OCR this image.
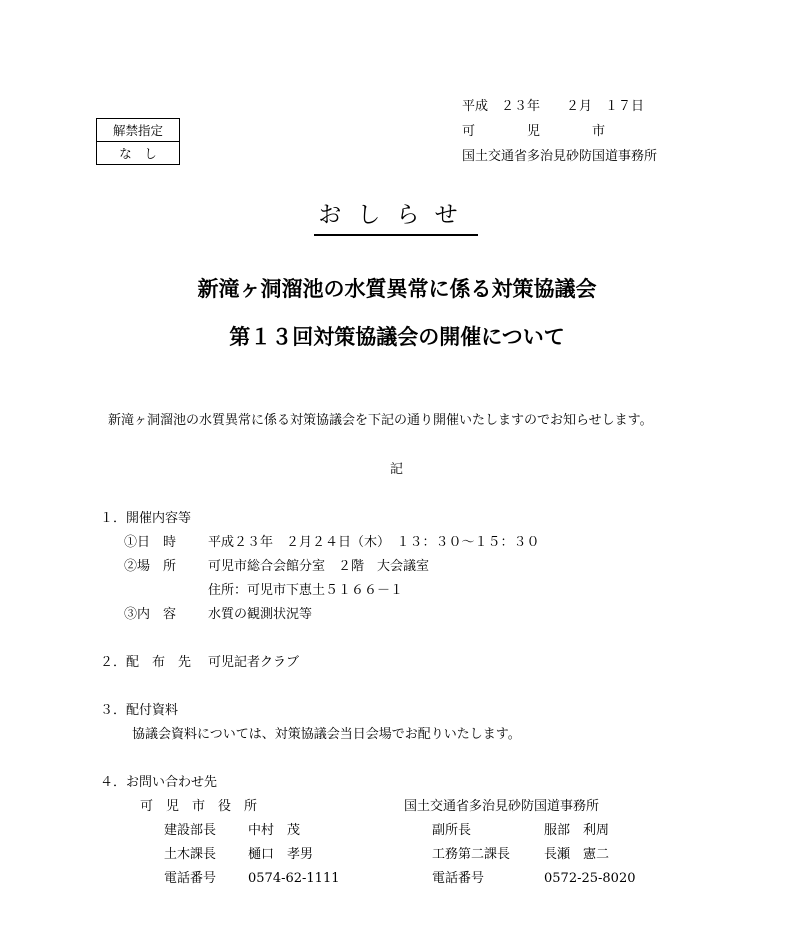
平成　２３年　　２月　１７日
可　　　　児　　　　市
国土交通省多治見砂防国道事務所
解禁指定
な　し
おしらせ
新滝ヶ洞溜池の水質異常に係る対策協議会
第１３回対策協議会の開催について
新滝ヶ洞溜池の水質異常に係る対策協議会を下記の通り開催いたしますのでお知らせします。
記
１．開催内容等
①日　時 平成２３年　２月２４日（木）　１３：３０～１５：３０
②場　所 可児市総合会館分室　２階　大会議室
住所：可児市下恵土５１６６－１
③内　容 水質の観測状況等
２．配　布　先 可児記者クラブ
３．配付資料
協議会資料については、対策協議会当日会場でお配りいたします。
４．お問い合わせ先
可　児　市　役　所
建設部長 中村　茂
土木課長 樋口　孝男
電話番号 0574-62-1111
国土交通省多治見砂防国道事務所
副所長	服部　利周
工務第二課長	長瀬　憲二
電話番号	0572-25-8020
